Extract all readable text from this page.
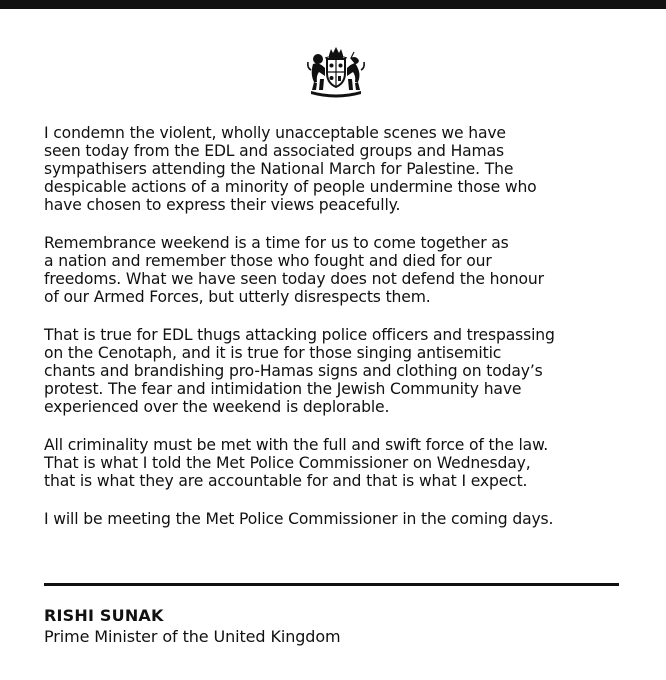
I condemn the violent, wholly unacceptable scenes we have
seen today from the EDL and associated groups and Hamas
sympathisers attending the National March for Palestine. The
despicable actions of a minority of people undermine those who
have chosen to express their views peacefully.

Remembrance weekend is a time for us to come together as
a nation and remember those who fought and died for our
freedoms. What we have seen today does not defend the honour
of our Armed Forces, but utterly disrespects them.

That is true for EDL thugs attacking police officers and trespassing
on the Cenotaph, and it is true for those singing antisemitic
chants and brandishing pro-Hamas signs and clothing on today’s
protest. The fear and intimidation the Jewish Community have
experienced over the weekend is deplorable.

All criminality must be met with the full and swift force of the law.
That is what I told the Met Police Commissioner on Wednesday,
that is what they are accountable for and that is what I expect.

I will be meeting the Met Police Commissioner in the coming days.

RISHI SUNAK
Prime Minister of the United Kingdom
